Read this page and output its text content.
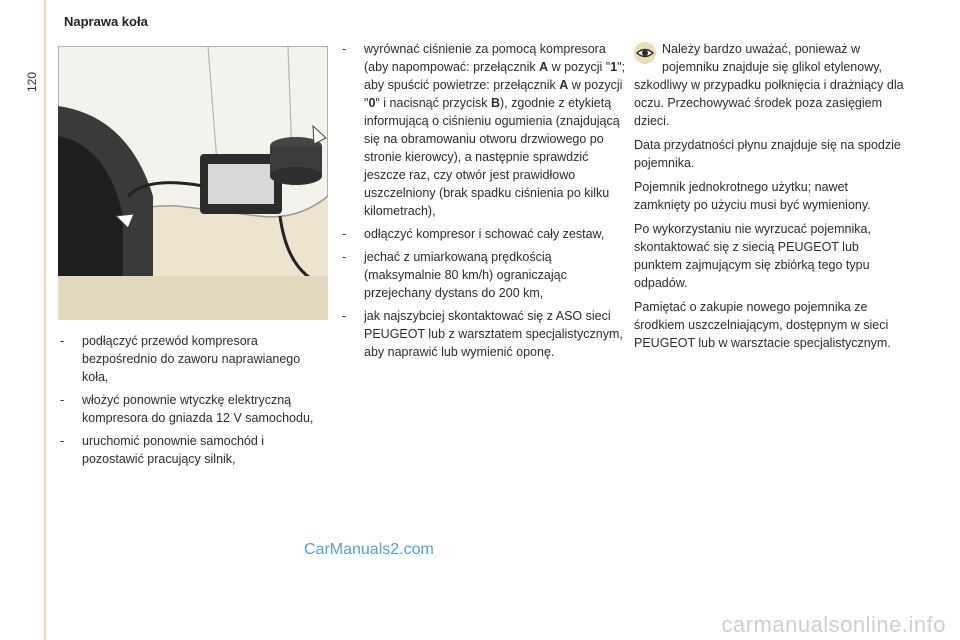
120
Naprawa koła
- podłączyć przewód kompresora bezpośrednio do zaworu naprawianego koła,
- włożyć ponownie wtyczkę elektryczną kompresora do gniazda 12 V samochodu,
- uruchomić ponownie samochód i pozostawić pracujący silnik,
- wyrównać ciśnienie za pomocą kompresora (aby napompować: przełącznik A w pozycji "1"; aby spuścić powietrze: przełącznik A w pozycji "0" i nacisnąć przycisk B), zgodnie z etykietą informującą o ciśnieniu ogumienia (znajdującą się na obramowaniu otworu drzwiowego po stronie kierowcy), a następnie sprawdzić jeszcze raz, czy otwór jest prawidłowo uszczelniony (brak spadku ciśnienia po kilku kilometrach),
- odłączyć kompresor i schować cały zestaw,
- jechać z umiarkowaną prędkością (maksymalnie 80 km/h) ograniczając przejechany dystans do 200 km,
- jak najszybciej skontaktować się z ASO sieci PEUGEOT lub z warsztatem specjalistycznym, aby naprawić lub wymienić oponę.

Należy bardzo uważać, ponieważ w pojemniku znajduje się glikol etylenowy, szkodliwy w przypadku połknięcia i drażniący dla oczu. Przechowywać środek poza zasięgiem dzieci.

Data przydatności płynu znajduje się na spodzie pojemnika.

Pojemnik jednokrotnego użytku; nawet zamknięty po użyciu musi być wymieniony.

Po wykorzystaniu nie wyrzucać pojemnika, skontaktować się z siecią PEUGEOT lub punktem zajmującym się zbiórką tego typu odpadów.

Pamiętać o zakupie nowego pojemnika ze środkiem uszczelniającym, dostępnym w sieci PEUGEOT lub w warsztacie specjalistycznym.

CarManuals2.com
carmanualsonline.info
